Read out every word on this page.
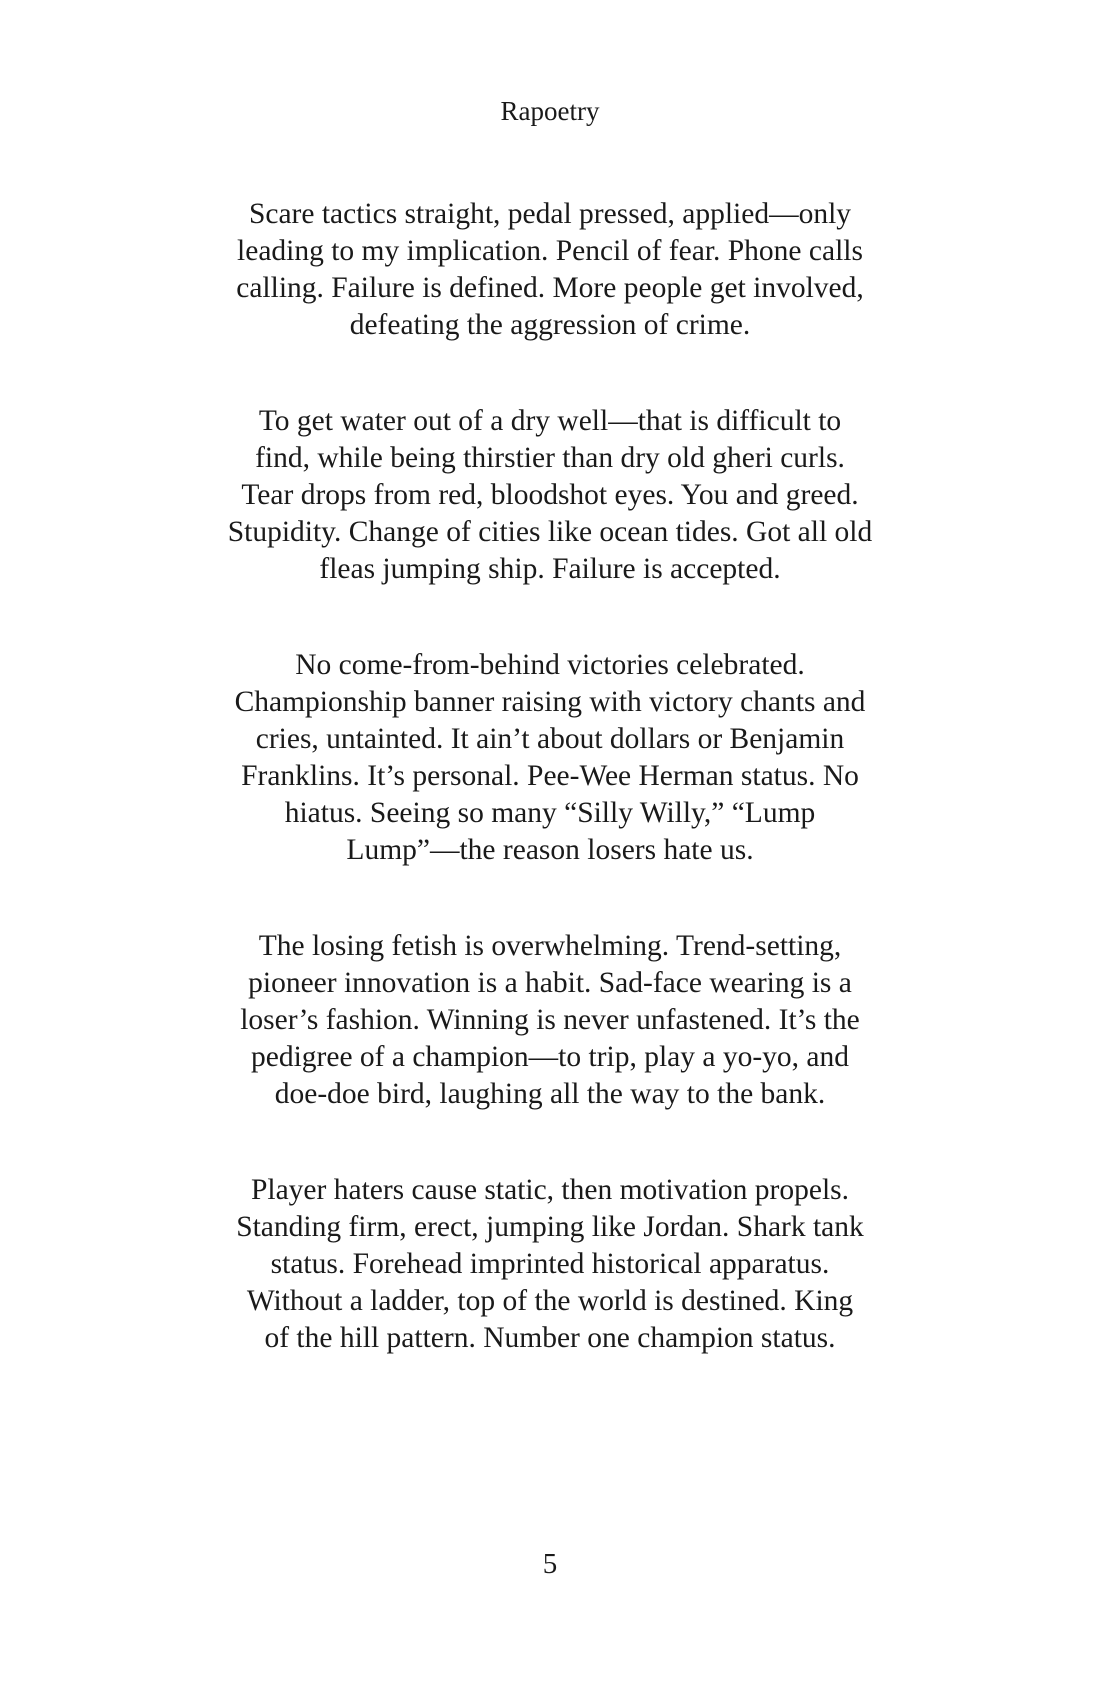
Rapoetry

Scare tactics straight, pedal pressed, applied—only
leading to my implication. Pencil of fear. Phone calls
calling. Failure is defined. More people get involved,
defeating the aggression of crime.

To get water out of a dry well—that is difficult to
find, while being thirstier than dry old gheri curls.
Tear drops from red, bloodshot eyes. You and greed.
Stupidity. Change of cities like ocean tides. Got all old
fleas jumping ship. Failure is accepted.

No come-from-behind victories celebrated.
Championship banner raising with victory chants and
cries, untainted. It ain’t about dollars or Benjamin
Franklins. It’s personal. Pee-Wee Herman status. No
hiatus. Seeing so many “Silly Willy,” “Lump
Lump”—the reason losers hate us.

The losing fetish is overwhelming. Trend-setting,
pioneer innovation is a habit. Sad-face wearing is a
loser’s fashion. Winning is never unfastened. It’s the
pedigree of a champion—to trip, play a yo-yo, and
doe-doe bird, laughing all the way to the bank.

Player haters cause static, then motivation propels.
Standing firm, erect, jumping like Jordan. Shark tank
status. Forehead imprinted historical apparatus.
Without a ladder, top of the world is destined. King
of the hill pattern. Number one champion status.

5
